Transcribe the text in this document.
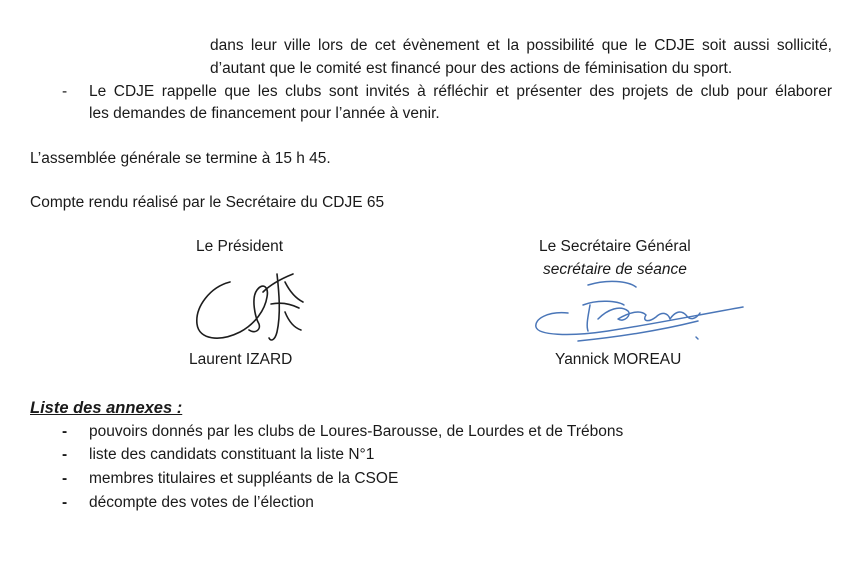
dans leur ville lors de cet évènement et la possibilité que le CDJE soit aussi sollicité,
d’autant que le comité est financé pour des actions de féminisation du sport.
- Le CDJE rappelle que les clubs sont invités à réfléchir et présenter des projets de club pour élaborer
les demandes de financement pour l’année à venir.
L’assemblée générale se termine à 15 h 45.
Compte rendu réalisé par le Secrétaire du CDJE 65
Le Président	Le Secrétaire Général
secrétaire de séance
Laurent IZARD	Yannick MOREAU
Liste des annexes :
- pouvoirs donnés par les clubs de Loures-Barousse, de Lourdes et de Trébons
- liste des candidats constituant la liste N°1
- membres titulaires et suppléants de la CSOE
- décompte des votes de l’élection
